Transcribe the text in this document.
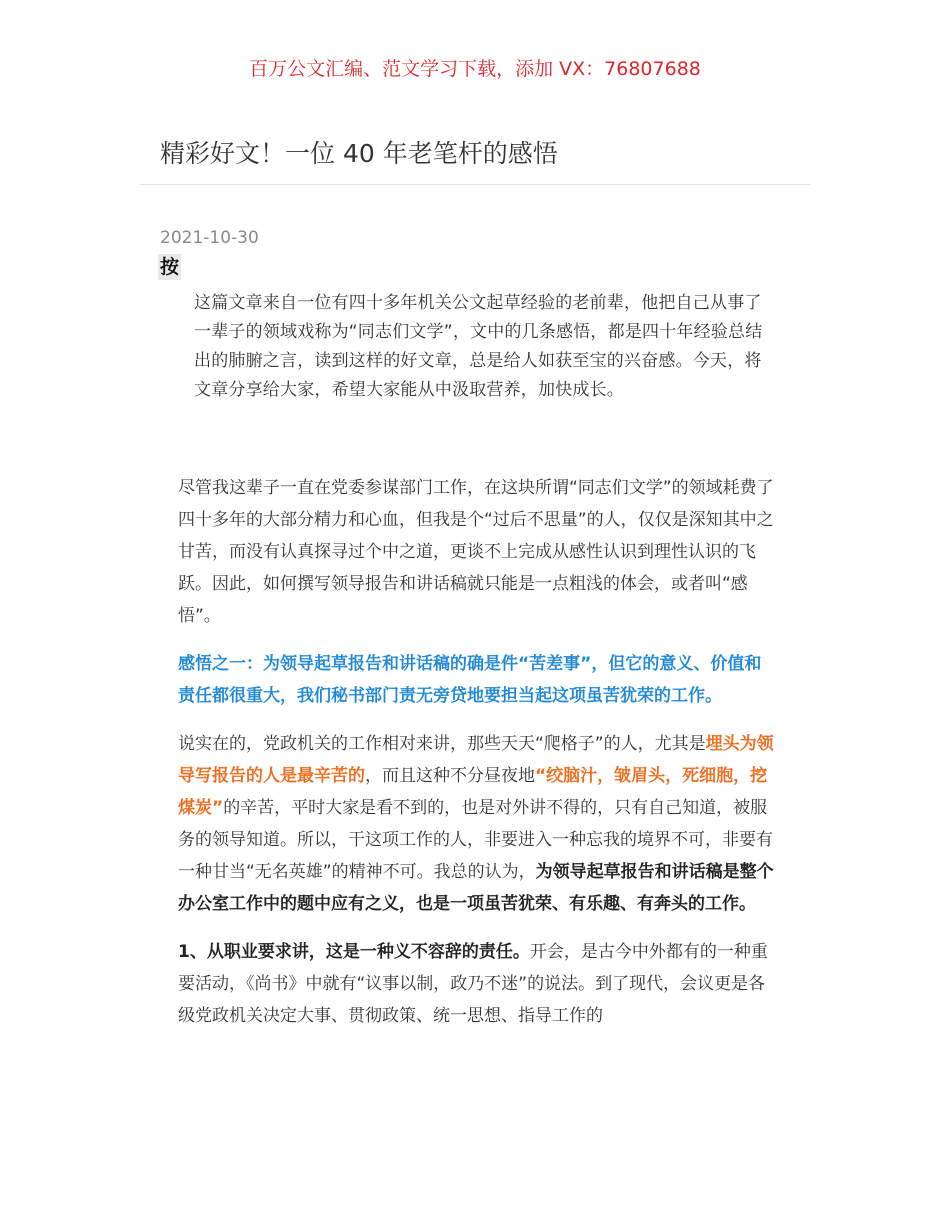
百万公文汇编、范文学习下载，添加 VX：76807688
精彩好文！一位 40 年老笔杆的感悟
2021-10-30
按

这篇文章来自一位有四十多年机关公文起草经验的老前辈，他把自己从事了一辈子的领域戏称为“同志们文学”，文中的几条感悟，都是四十年经验总结出的肺腑之言，读到这样的好文章，总是给人如获至宝的兴奋感。今天，将文章分享给大家，希望大家能从中汲取营养，加快成长。

尽管我这辈子一直在党委参谋部门工作，在这块所谓“同志们文学”的领域耗费了四十多年的大部分精力和心血，但我是个“过后不思量”的人，仅仅是深知其中之甘苦，而没有认真探寻过个中之道，更谈不上完成从感性认识到理性认识的飞跃。因此，如何撰写领导报告和讲话稿就只能是一点粗浅的体会，或者叫“感悟”。

感悟之一：为领导起草报告和讲话稿的确是件“苦差事”，但它的意义、价值和责任都很重大，我们秘书部门责无旁贷地要担当起这项虽苦犹荣的工作。

说实在的，党政机关的工作相对来讲，那些天天“爬格子”的人，尤其是埋头为领导写报告的人是最辛苦的，而且这种不分昼夜地“绞脑汁，皱眉头，死细胞，挖煤炭”的辛苦，平时大家是看不到的，也是对外讲不得的，只有自己知道，被服务的领导知道。所以，干这项工作的人，非要进入一种忘我的境界不可，非要有一种甘当“无名英雄”的精神不可。我总的认为，为领导起草报告和讲话稿是整个办公室工作中的题中应有之义，也是一项虽苦犹荣、有乐趣、有奔头的工作。

1、从职业要求讲，这是一种义不容辞的责任。开会，是古今中外都有的一种重要活动，《尚书》中就有“议事以制，政乃不迷”的说法。到了现代，会议更是各级党政机关决定大事、贯彻政策、统一思想、指导工作的
